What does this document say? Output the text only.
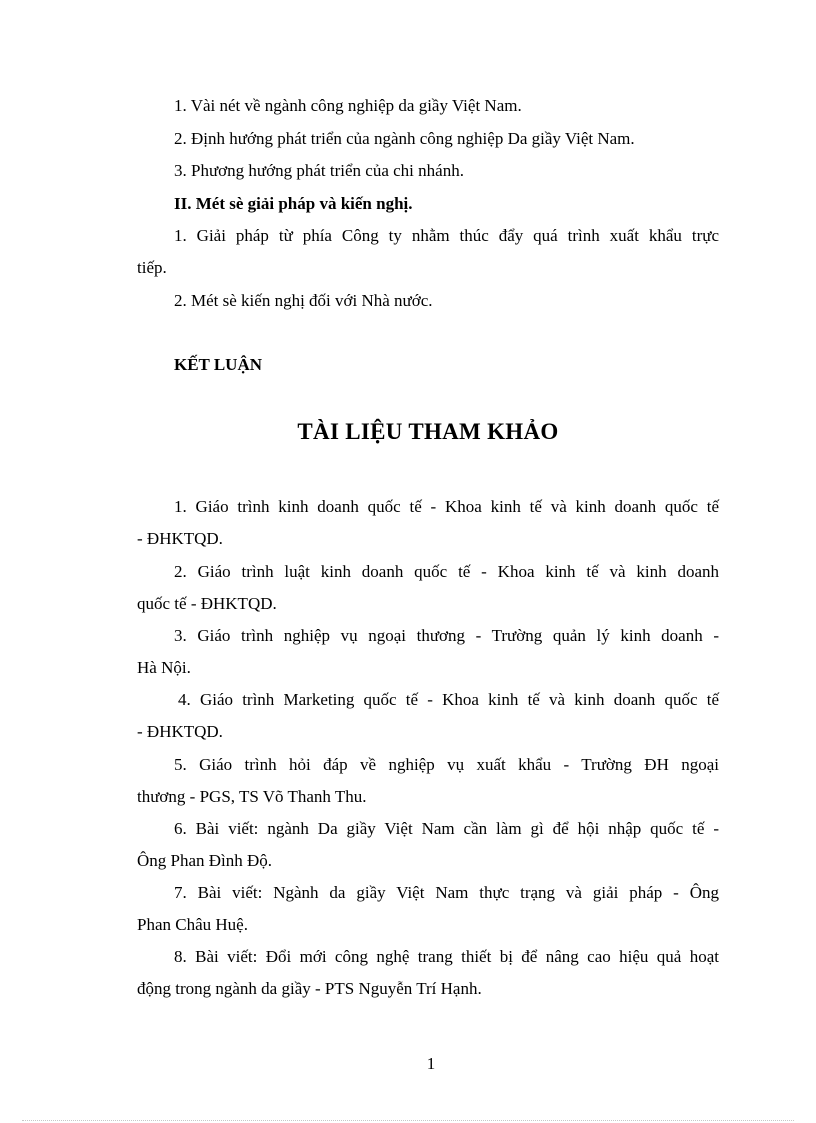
1. Vài nét về ngành công nghiệp da giầy Việt Nam.
2. Định hướng phát triển của ngành công nghiệp Da giầy Việt Nam.
3. Phương hướng phát triển của chi nhánh.
II. Mét sè giải pháp và kiến nghị.
1. Giải pháp từ phía Công ty nhằm thúc đẩy quá trình xuất khẩu trực
tiếp.
2. Mét sè kiến nghị đối với Nhà nước.
KẾT LUẬN
TÀI LIỆU THAM KHẢO
1. Giáo trình kinh doanh quốc tế - Khoa kinh tế và kinh doanh quốc tế
- ĐHKTQD.
2. Giáo trình luật kinh doanh quốc tế - Khoa kinh tế và kinh doanh
quốc tế - ĐHKTQD.
3. Giáo trình nghiệp vụ ngoại thương - Trường quản lý kinh doanh -
Hà Nội.
4. Giáo trình Marketing quốc tế - Khoa kinh tế và kinh doanh quốc tế
- ĐHKTQD.
5. Giáo trình hỏi đáp về nghiệp vụ xuất khẩu - Trường ĐH ngoại
thương - PGS, TS Võ Thanh Thu.
6. Bài viết: ngành Da giầy Việt Nam cần làm gì để hội nhập quốc tế -
Ông Phan Đình Độ.
7. Bài viết: Ngành da giầy Việt Nam thực trạng và giải pháp - Ông
Phan Châu Huệ.
8. Bài viết: Đổi mới công nghệ trang thiết bị để nâng cao hiệu quả hoạt
động trong ngành da giầy - PTS Nguyễn Trí Hạnh.
1
